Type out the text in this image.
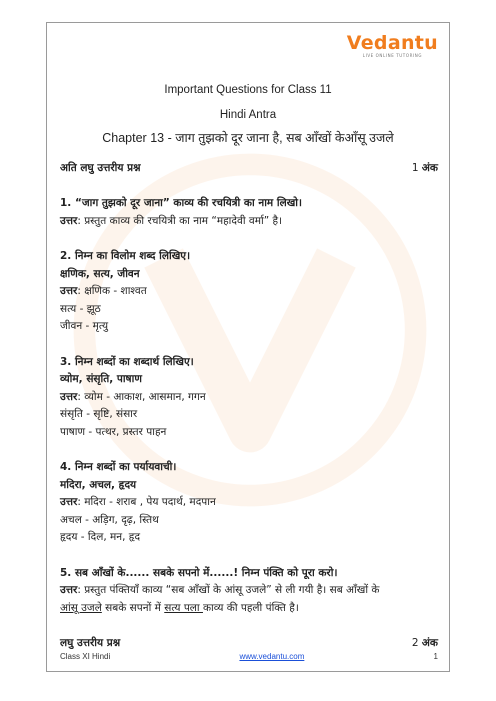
Vedantu
LIVE ONLINE TUTORING
Important Questions for Class 11
Hindi Antra
Chapter 13 - जाग तुझको दूर जाना है, सब आँखों केआँसू उजले
अति लघु उत्तरीय प्रश्न	1 अंक
1. “जाग तुझको दूर जाना” काव्य की रचयित्री का नाम लिखो।
उत्तर: प्रस्तुत काव्य की रचयित्री का नाम “महादेवी वर्मा” है।
2. निम्न का विलोम शब्द लिखिए।
क्षणिक, सत्य, जीवन
उत्तर: क्षणिक - शाश्वत
सत्य - झूठ
जीवन - मृत्यु
3. निम्न शब्दों का शब्दार्थ लिखिए।
व्योम, संसृति, पाषाण
उत्तर: व्योम - आकाश, आसमान, गगन
संसृति - सृष्टि, संसार
पाषाण - पत्थर, प्रस्तर पाहन
4. निम्न शब्दों का पर्यायवाची।
मदिरा, अचल, हृदय
उत्तर: मदिरा - शराब , पेय पदार्थ, मदपान
अचल - अड़िग, दृढ़, स्तिथ
हृदय - दिल, मन, हृद
5. सब आँखों के...... सबके सपनो में......! निम्न पंक्ति को पूरा करो।
उत्तर: प्रस्तुत पंक्तियाँ काव्य “सब आँखों के आंसू उजले” से ली गयी है। सब आँखों के
आंसू उजले सबके सपनों में सत्य पला काव्य की पहली पंक्ति है।
लघु उत्तरीय प्रश्न	2 अंक
Class XI Hindi	www.vedantu.com	1
